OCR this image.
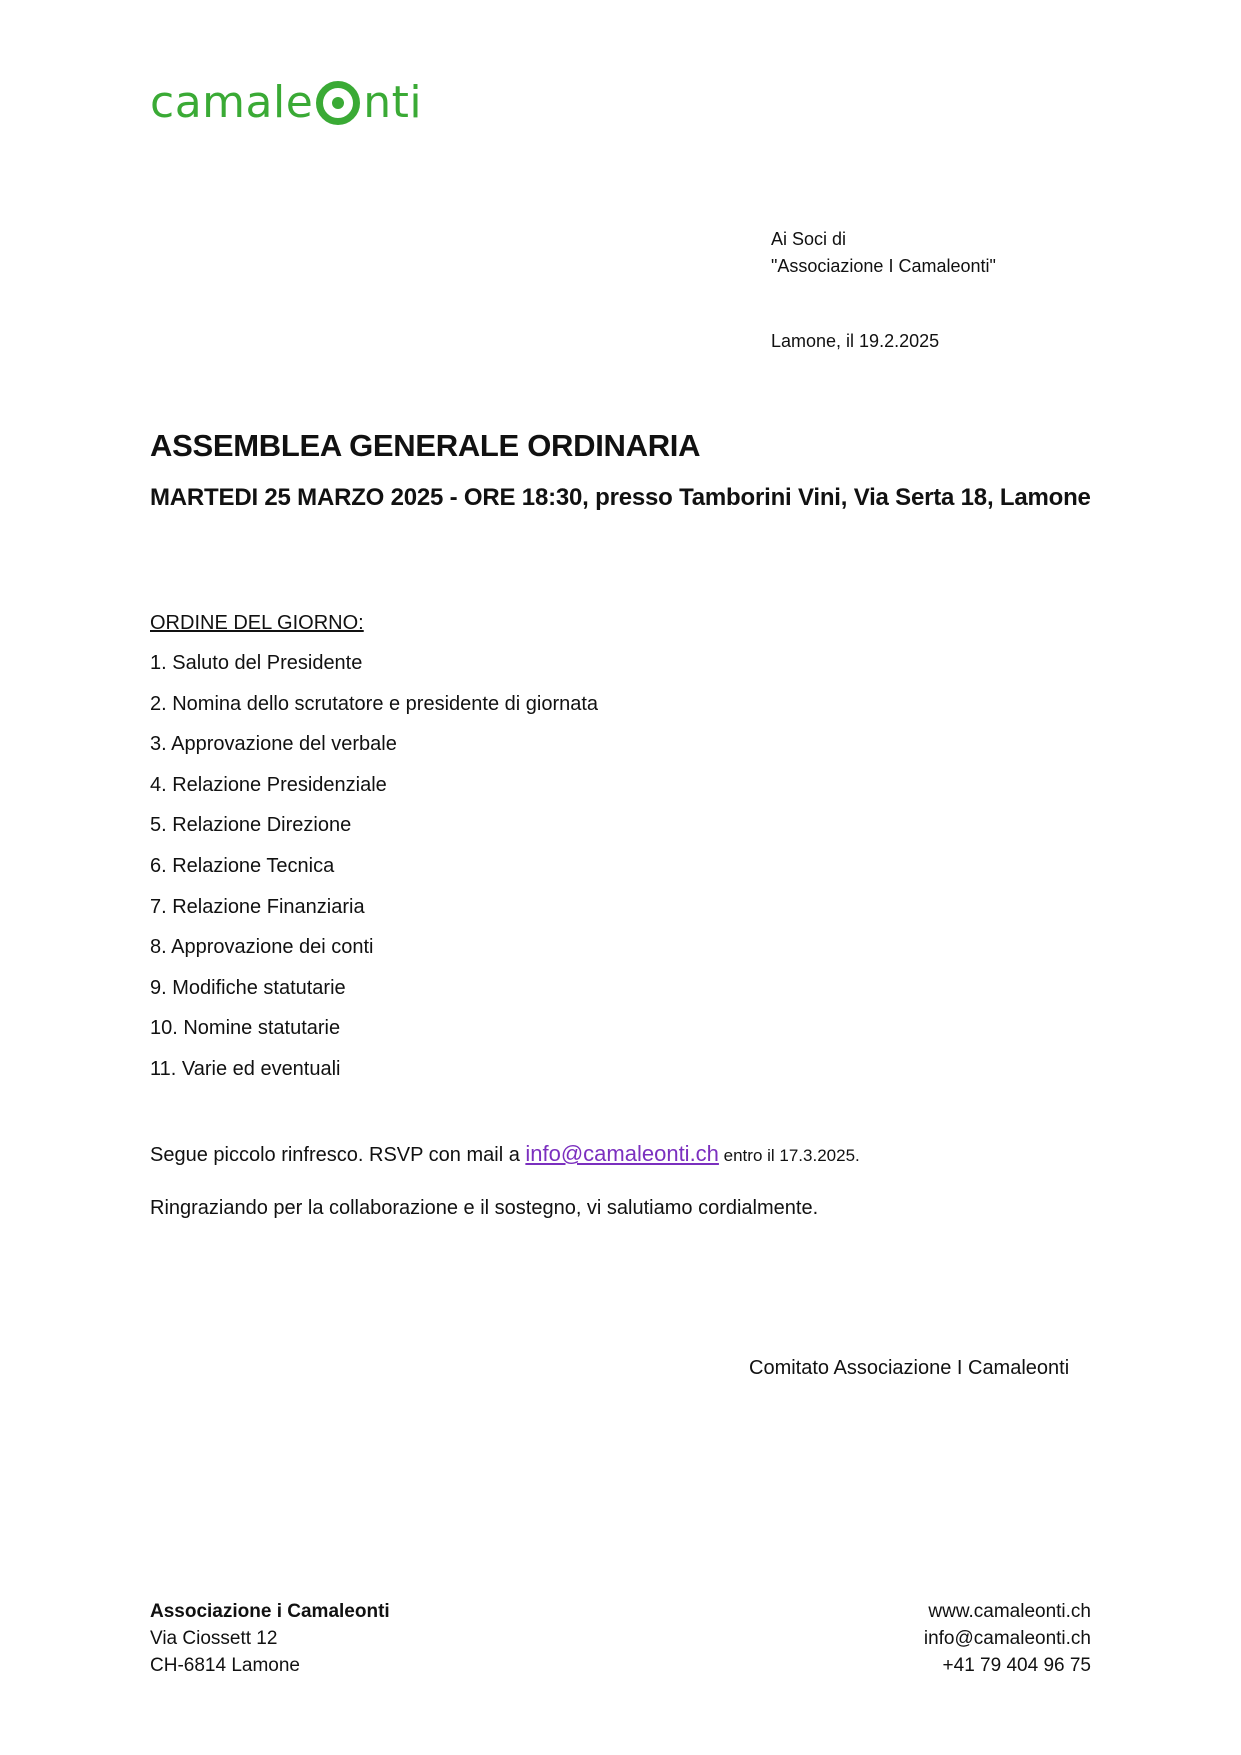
camale nti
Ai Soci di
"Associazione I Camaleonti"
Lamone, il 19.2.2025
ASSEMBLEA GENERALE ORDINARIA
MARTEDI 25 MARZO 2025 - ORE 18:30, presso Tamborini Vini, Via Serta 18, Lamone
ORDINE DEL GIORNO:
1. Saluto del Presidente
2. Nomina dello scrutatore e presidente di giornata
3. Approvazione del verbale
4. Relazione Presidenziale
5. Relazione Direzione
6. Relazione Tecnica
7. Relazione Finanziaria
8. Approvazione dei conti
9. Modifiche statutarie
10. Nomine statutarie
11. Varie ed eventuali
Segue piccolo rinfresco. RSVP con mail a info@camaleonti.ch entro il 17.3.2025.
Ringraziando per la collaborazione e il sostegno, vi salutiamo cordialmente.
Comitato Associazione I Camaleonti
Associazione i Camaleonti
Via Ciossett 12
CH-6814 Lamone
www.camaleonti.ch
info@camaleonti.ch
+41 79 404 96 75
